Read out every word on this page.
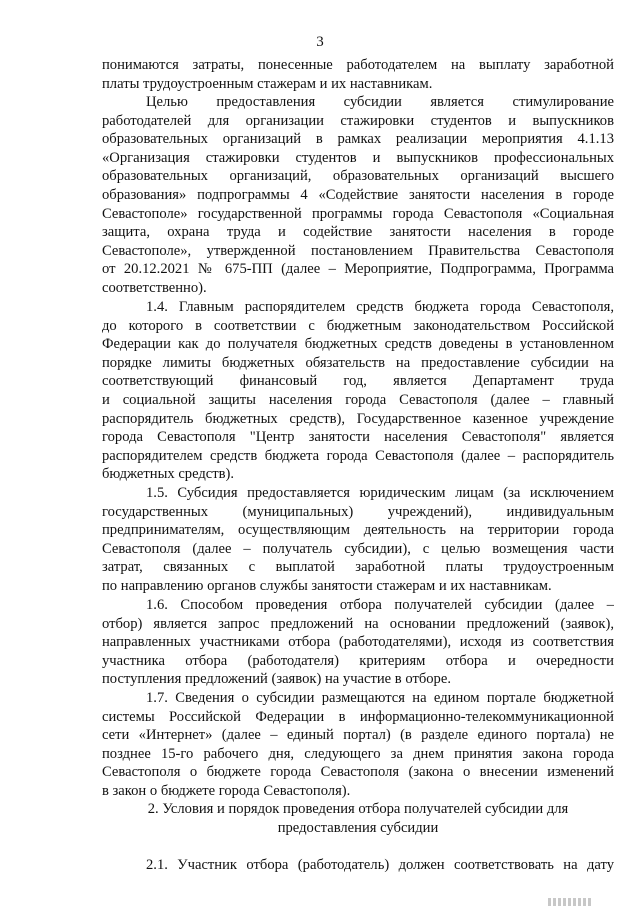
3
понимаются затраты, понесенные работодателем на выплату заработной
платы трудоустроенным стажерам и их наставникам.
Целью предоставления субсидии является стимулирование
работодателей для организации стажировки студентов и выпускников
образовательных организаций в рамках реализации мероприятия 4.1.13
«Организация стажировки студентов и выпускников профессиональных
образовательных организаций, образовательных организаций высшего
образования» подпрограммы 4 «Содействие занятости населения в городе
Севастополе» государственной программы города Севастополя «Социальная
защита, охрана труда и содействие занятости населения в городе
Севастополе», утвержденной постановлением Правительства Севастополя
от 20.12.2021 № 675-ПП (далее – Мероприятие, Подпрограмма, Программа
соответственно).
1.4. Главным распорядителем средств бюджета города Севастополя,
до которого в соответствии с бюджетным законодательством Российской
Федерации как до получателя бюджетных средств доведены в установленном
порядке лимиты бюджетных обязательств на предоставление субсидии на
соответствующий финансовый год, является Департамент труда
и социальной защиты населения города Севастополя (далее – главный
распорядитель бюджетных средств), Государственное казенное учреждение
города Севастополя "Центр занятости населения Севастополя" является
распорядителем средств бюджета города Севастополя (далее – распорядитель
бюджетных средств).
1.5. Субсидия предоставляется юридическим лицам (за исключением
государственных (муниципальных) учреждений), индивидуальным
предпринимателям, осуществляющим деятельность на территории города
Севастополя (далее – получатель субсидии), с целью возмещения части
затрат, связанных с выплатой заработной платы трудоустроенным
по направлению органов службы занятости стажерам и их наставникам.
1.6. Способом проведения отбора получателей субсидии (далее –
отбор) является запрос предложений на основании предложений (заявок),
направленных участниками отбора (работодателями), исходя из соответствия
участника отбора (работодателя) критериям отбора и очередности
поступления предложений (заявок) на участие в отборе.
1.7. Сведения о субсидии размещаются на едином портале бюджетной
системы Российской Федерации в информационно-телекоммуникационной
сети «Интернет» (далее – единый портал) (в разделе единого портала) не
позднее 15-го рабочего дня, следующего за днем принятия закона города
Севастополя о бюджете города Севастополя (закона о внесении изменений
в закон о бюджете города Севастополя).
2. Условия и порядок проведения отбора получателей субсидии для
предоставления субсидии
2.1. Участник отбора (работодатель) должен соответствовать на дату
